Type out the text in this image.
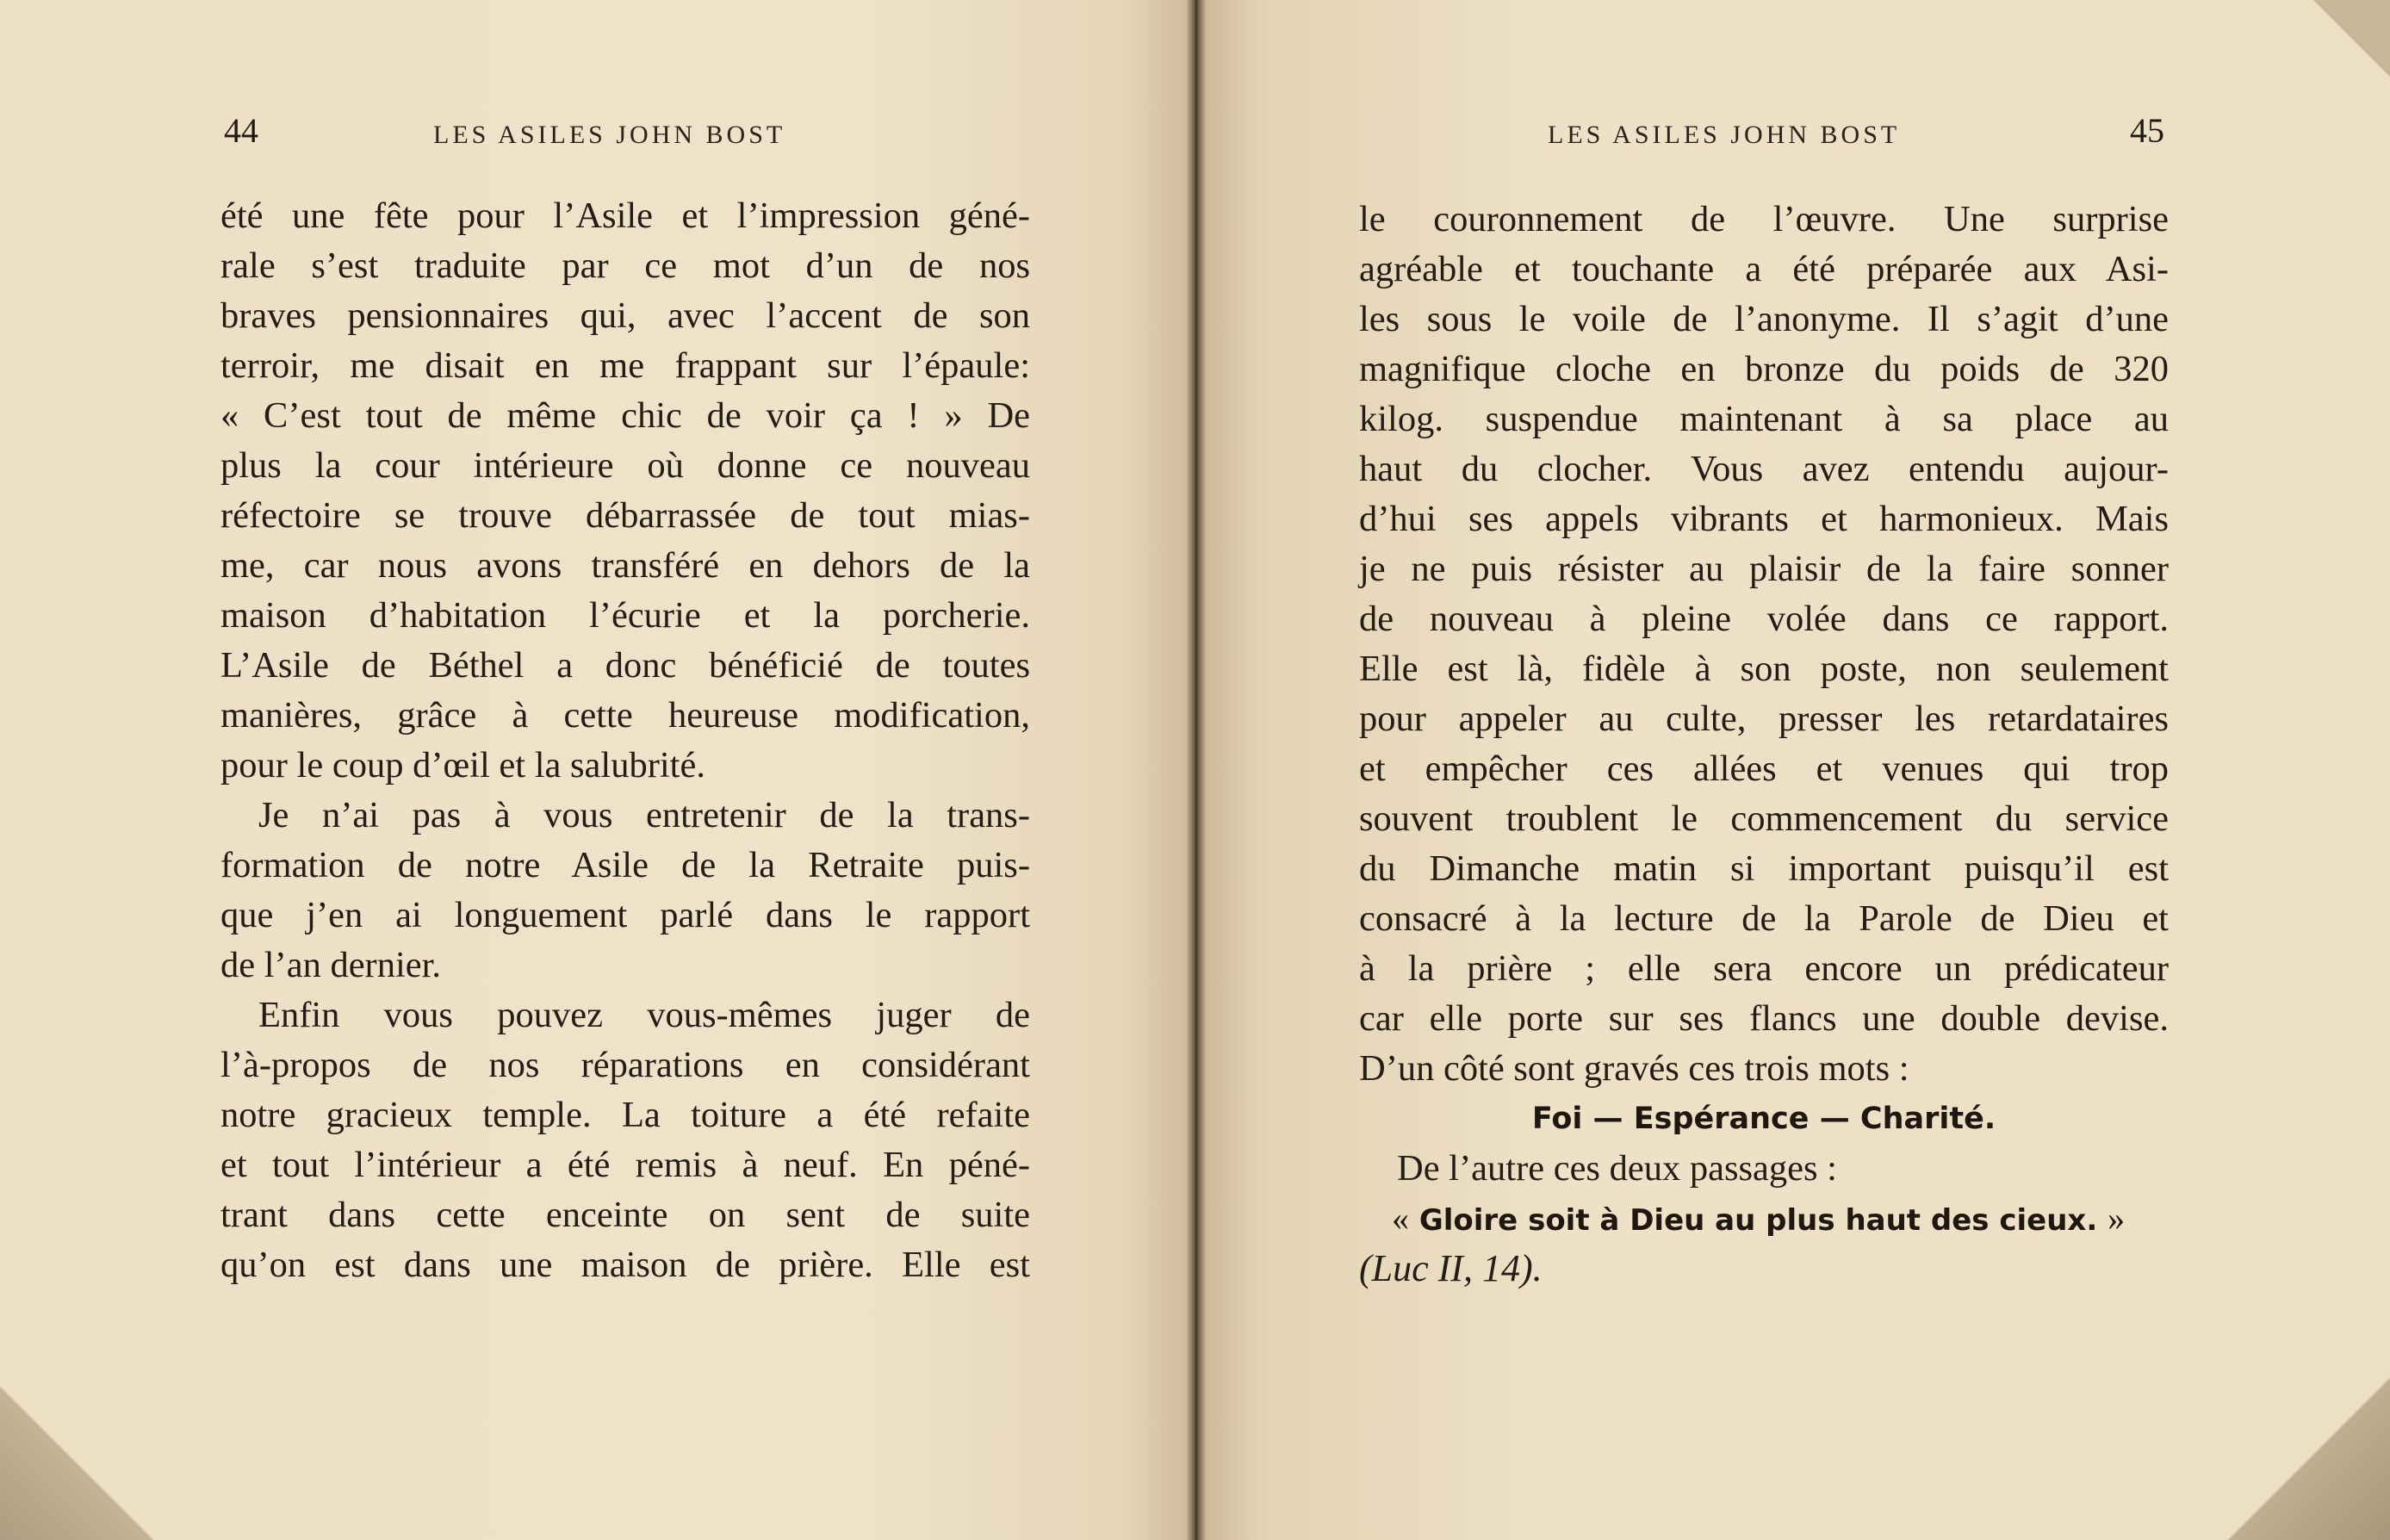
44	LES ASILES JOHN BOST
été une fête pour l’Asile et l’impression géné-
rale s’est traduite par ce mot d’un de nos
braves pensionnaires qui, avec l’accent de son
terroir, me disait en me frappant sur l’épaule:
« C’est tout de même chic de voir ça ! » De
plus la cour intérieure où donne ce nouveau
réfectoire se trouve débarrassée de tout mias-
me, car nous avons transféré en dehors de la
maison d’habitation l’écurie et la porcherie.
L’Asile de Béthel a donc bénéficié de toutes
manières, grâce à cette heureuse modification,
pour le coup d’œil et la salubrité.
Je n’ai pas à vous entretenir de la trans-
formation de notre Asile de la Retraite puis-
que j’en ai longuement parlé dans le rapport
de l’an dernier.
Enfin vous pouvez vous-mêmes juger de
l’à-propos de nos réparations en considérant
notre gracieux temple. La toiture a été refaite
et tout l’intérieur a été remis à neuf. En péné-
trant dans cette enceinte on sent de suite
qu’on est dans une maison de prière. Elle est
LES ASILES JOHN BOST	45
le couronnement de l’œuvre. Une surprise
agréable et touchante a été préparée aux Asi-
les sous le voile de l’anonyme. Il s’agit d’une
magnifique cloche en bronze du poids de 320
kilog. suspendue maintenant à sa place au
haut du clocher. Vous avez entendu aujour-
d’hui ses appels vibrants et harmonieux. Mais
je ne puis résister au plaisir de la faire sonner
de nouveau à pleine volée dans ce rapport.
Elle est là, fidèle à son poste, non seulement
pour appeler au culte, presser les retardataires
et empêcher ces allées et venues qui trop
souvent troublent le commencement du service
du Dimanche matin si important puisqu’il est
consacré à la lecture de la Parole de Dieu et
à la prière ; elle sera encore un prédicateur
car elle porte sur ses flancs une double devise.
D’un côté sont gravés ces trois mots :
Foi — Espérance — Charité.
De l’autre ces deux passages :
« Gloire soit à Dieu au plus haut des cieux. »
(Luc II, 14).
